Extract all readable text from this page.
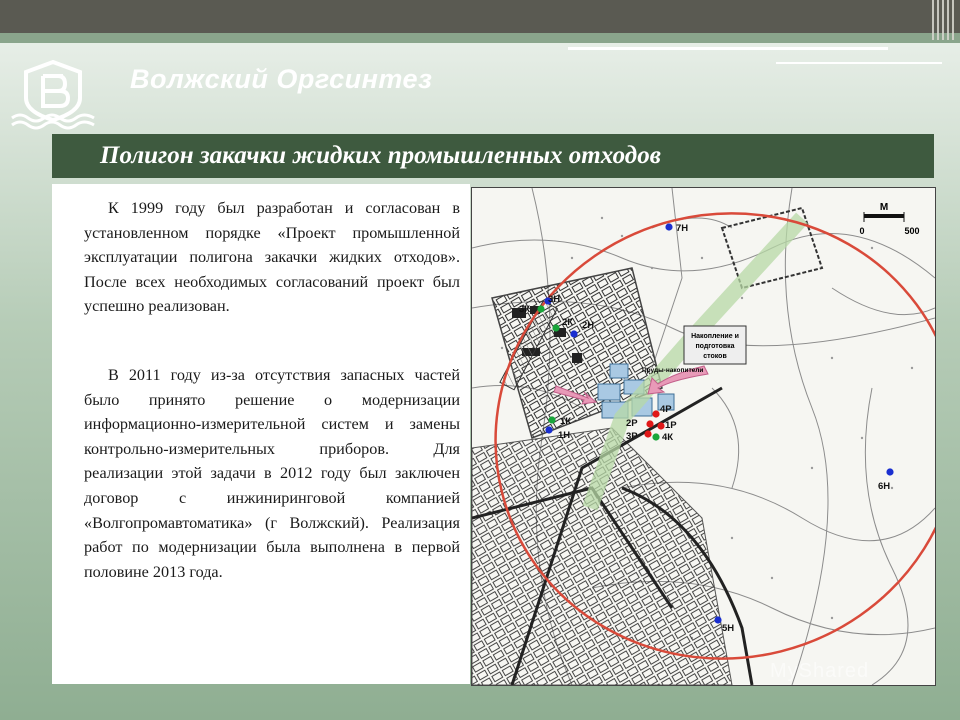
Волжский Оргсинтез
Полигон закачки жидких промышленных отходов

К 1999 году был разработан и согласован в установленном порядке «Проект промышленной эксплуатации полигона закачки жидких отходов». После всех необходимых согласований проект был успешно реализован.

В 2011 году из-за отсутствия запасных частей было принято решение о модернизации информационно-измерительной систем и замены контрольно-измерительных приборов. Для реализации этой задачи в 2012 году был заключен договор с инжиниринговой компанией «Волгопромавтоматика» (г Волжский). Реализация работ по модернизации была выполнена в первой половине 2013 года.

Накопление и
подготовка
стоков
Пруды-накопители
М
0	500
7Н
3Н
3К
2К 2Н
1К
1Н
4Р
2Р	1Р
3Р	4К
6Н
5Н
MyShared
